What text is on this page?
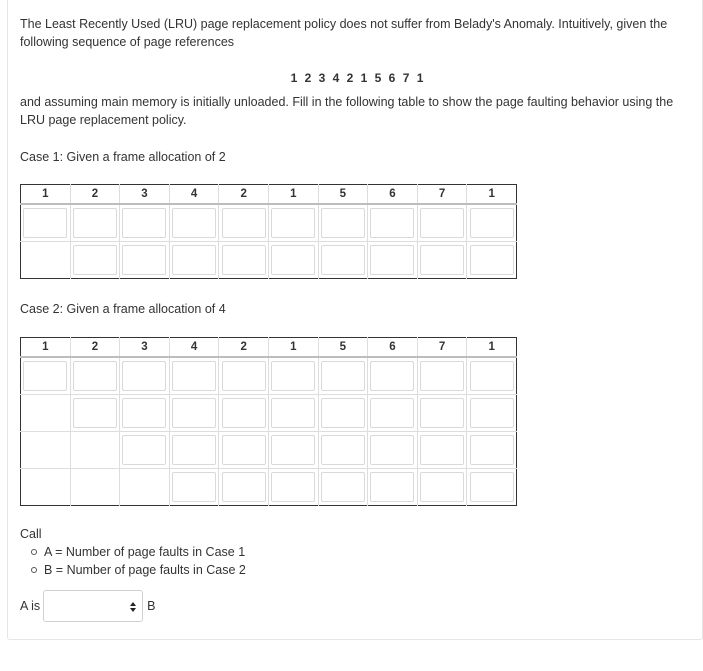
The Least Recently Used (LRU) page replacement policy does not suffer from Belady's Anomaly. Intuitively, given the following sequence of page references

1 2 3 4 2 1 5 6 7 1

and assuming main memory is initially unloaded. Fill in the following table to show the page faulting behavior using the LRU page replacement policy.

Case 1: Given a frame allocation of 2

1	2	3	4	2	1	5	6	7	1

Case 2: Given a frame allocation of 4

1	2	3	4	2	1	5	6	7	1

Call

A = Number of page faults in Case 1
B = Number of page faults in Case 2
A is	B
